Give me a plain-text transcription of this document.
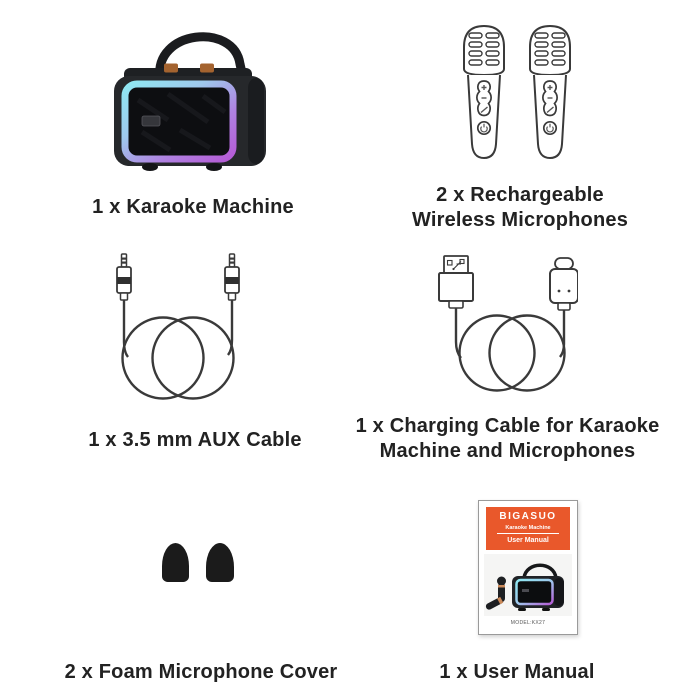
1 x Karaoke Machine
2 x Rechargeable
Wireless Microphones
1 x 3.5 mm AUX Cable
1 x Charging Cable for Karaoke
Machine and Microphones
2 x Foam Microphone Cover
BIGASUO
Karaoke Machine
User Manual
MODEL:KX27
1 x User Manual
